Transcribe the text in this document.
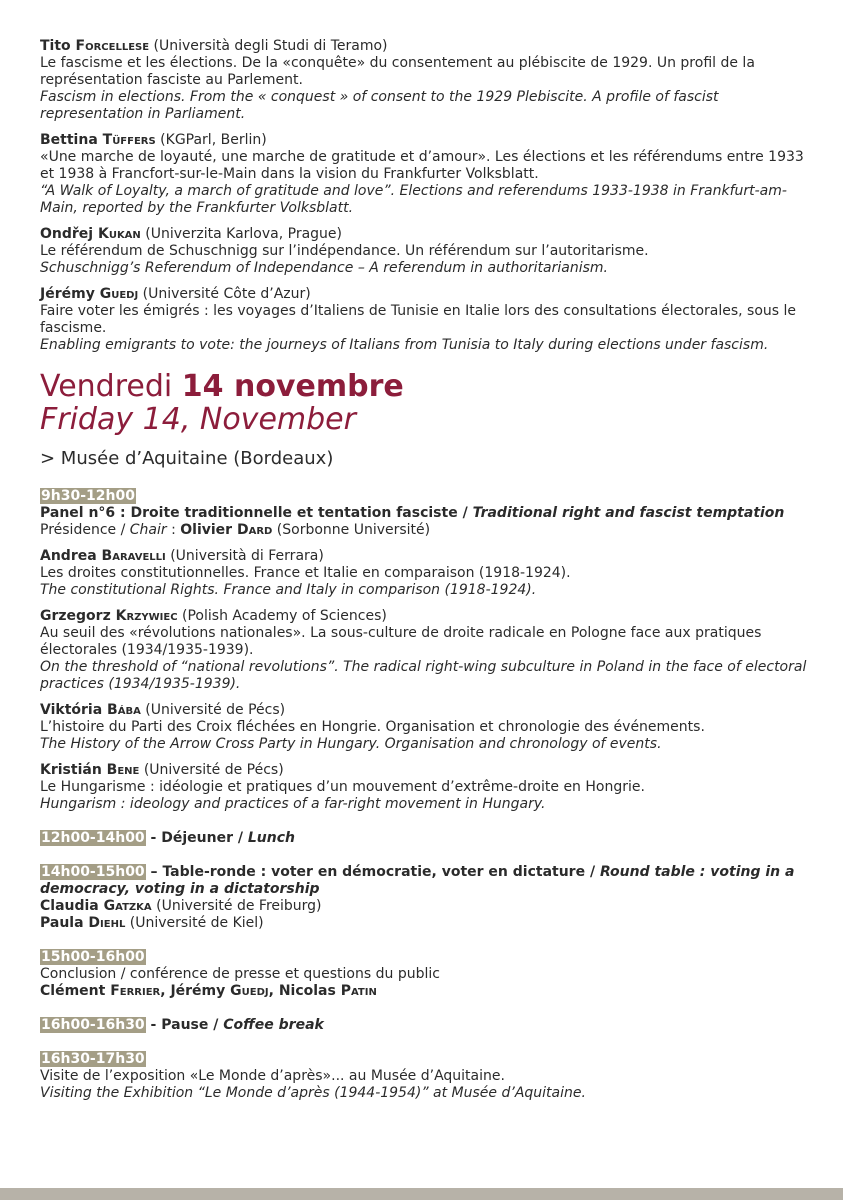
Tito Forcellese (Università degli Studi di Teramo)

Le fascisme et les élections. De la «conquête» du consentement au plébiscite de 1929. Un profil de la représentation fasciste au Parlement.

Fascism in elections. From the « conquest » of consent to the 1929 Plebiscite. A profile of fascist representation in Parliament.

Bettina Tüffers (KGParl, Berlin)

«Une marche de loyauté, une marche de gratitude et d’amour». Les élections et les référendums entre 1933 et 1938 à Francfort-sur-le-Main dans la vision du Frankfurter Volksblatt.

“A Walk of Loyalty, a march of gratitude and love”. Elections and referendums 1933-1938 in Frankfurt-am-Main, reported by the Frankfurter Volksblatt.

Ondřej Kukan (Univerzita Karlova, Prague)

Le référendum de Schuschnigg sur l’indépendance. Un référendum sur l’autoritarisme.

Schuschnigg’s Referendum of Independance – A referendum in authoritarianism.

Jérémy Guedj (Université Côte d’Azur)

Faire voter les émigrés : les voyages d’Italiens de Tunisie en Italie lors des consultations électorales, sous le fascisme.

Enabling emigrants to vote: the journeys of Italians from Tunisia to Italy during elections under fascism.

Vendredi 14 novembre
Friday 14, November
> Musée d’Aquitaine (Bordeaux)

9h30-12h00

Panel n°6 : Droite traditionnelle et tentation fasciste / Traditional right and fascist temptation

Présidence / Chair : Olivier Dard (Sorbonne Université)

Andrea Baravelli (Università di Ferrara)

Les droites constitutionnelles. France et Italie en comparaison (1918-1924).

The constitutional Rights. France and Italy in comparison (1918-1924).

Grzegorz Krzywiec (Polish Academy of Sciences)

Au seuil des «révolutions nationales». La sous-culture de droite radicale en Pologne face aux pratiques électorales (1934/1935-1939).

On the threshold of “national revolutions”. The radical right-wing subculture in Poland in the face of electoral practices (1934/1935-1939).

Viktória Bába (Université de Pécs)

L’histoire du Parti des Croix fléchées en Hongrie. Organisation et chronologie des événements.

The History of the Arrow Cross Party in Hungary. Organisation and chronology of events.

Kristián Bene (Université de Pécs)

Le Hungarisme : idéologie et pratiques d’un mouvement d’extrême-droite en Hongrie.

Hungarism : ideology and practices of a far-right movement in Hungary.

12h00-14h00 - Déjeuner / Lunch

14h00-15h00 – Table-ronde : voter en démocratie, voter en dictature / Round table : voting in a democracy, voting in a dictatorship

Claudia Gatzka (Université de Freiburg)

Paula Diehl (Université de Kiel)

15h00-16h00

Conclusion / conférence de presse et questions du public

Clément Ferrier, Jérémy Guedj, Nicolas Patin

16h00-16h30 - Pause / Coffee break

16h30-17h30

Visite de l’exposition «Le Monde d’après»... au Musée d’Aquitaine.

Visiting the Exhibition “Le Monde d’après (1944-1954)” at Musée d’Aquitaine.
